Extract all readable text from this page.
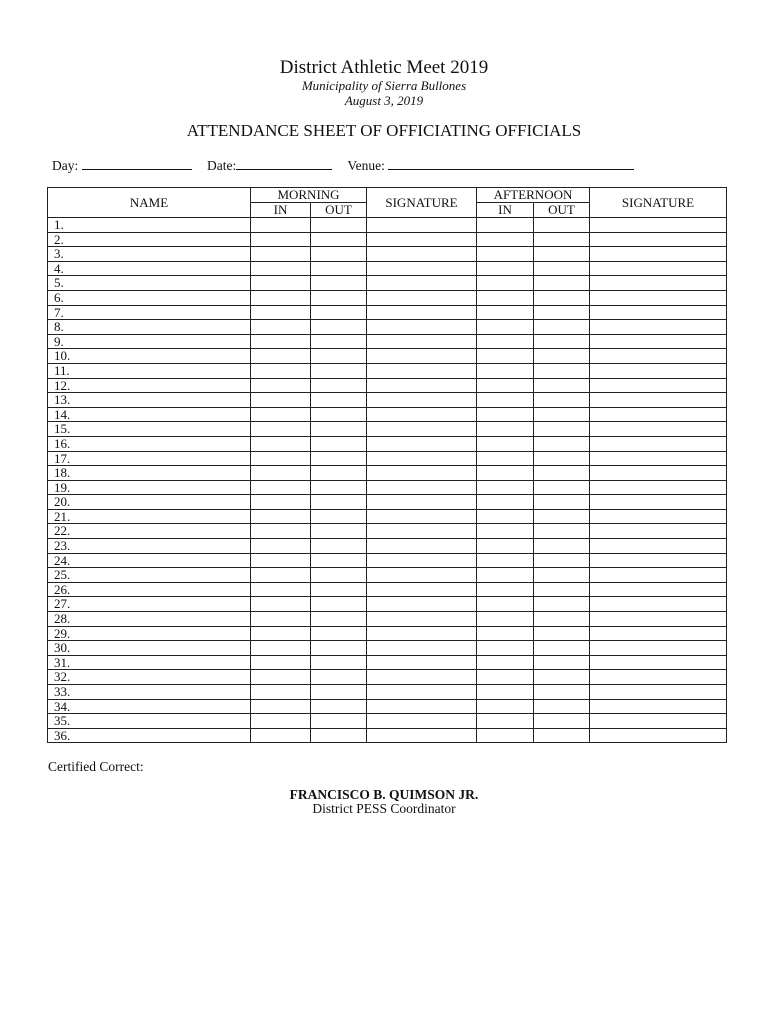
District Athletic Meet 2019
Municipality of Sierra Bullones
August 3, 2019
ATTENDANCE SHEET OF OFFICIATING OFFICIALS
Day:	Date:	Venue:
NAME	MORNING		SIGNATURE	AFTERNOON		SIGNATURE
	IN	OUT		IN	OUT	
1.						
2.						
3.						
4.						
5.						
6.						
7.						
8.						
9.						
10.						
11.						
12.						
13.						
14.						
15.						
16.						
17.						
18.						
19.						
20.						
21.						
22.						
23.						
24.						
25.						
26.						
27.						
28.						
29.						
30.						
31.						
32.						
33.						
34.						
35.						
36.						
Certified Correct:
FRANCISCO B. QUIMSON JR.
District PESS Coordinator
